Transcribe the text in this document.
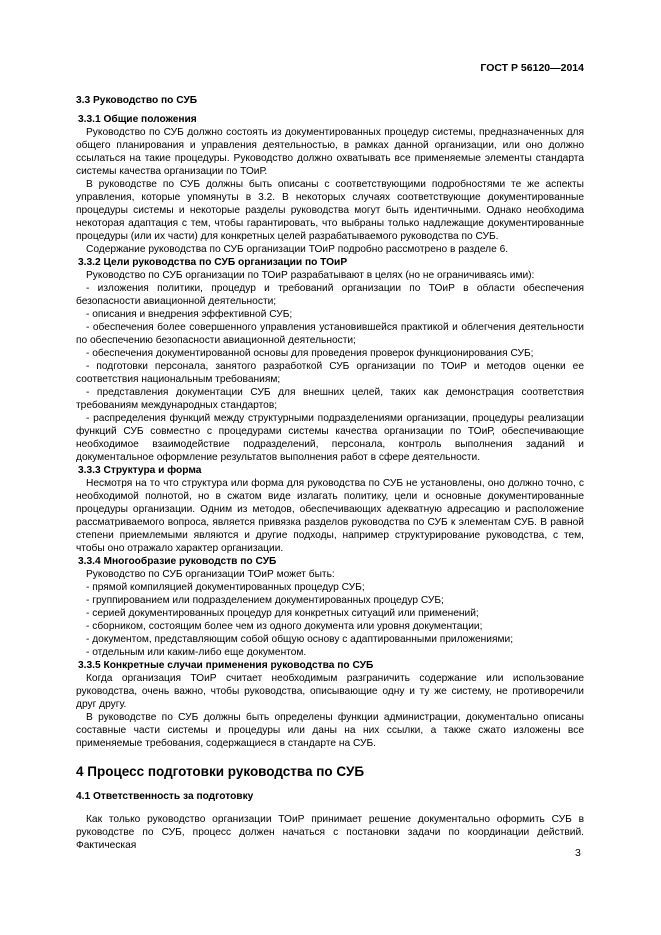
ГОСТ Р 56120—2014

3.3 Руководство по СУБ

3.3.1 Общие положения

Руководство по СУБ должно состоять из документированных процедур системы, предназначенных для общего планирования и управления деятельностью, в рамках данной организации, или оно должно ссылаться на такие процедуры. Руководство должно охватывать все применяемые элементы стандарта системы качества организации по ТОиР.

В руководстве по СУБ должны быть описаны с соответствующими подробностями те же аспекты управления, которые упомянуты в 3.2. В некоторых случаях соответствующие документированные процедуры системы и некоторые разделы руководства могут быть идентичными. Однако необходима некоторая адаптация с тем, чтобы гарантировать, что выбраны только надлежащие документированные процедуры (или их части) для конкретных целей разрабатываемого руководства по СУБ.

Содержание руководства по СУБ организации ТОиР подробно рассмотрено в разделе 6.

3.3.2 Цели руководства по СУБ организации по ТОиР

Руководство по СУБ организации по ТОиР разрабатывают в целях (но не ограничиваясь ими):

- изложения политики, процедур и требований организации по ТОиР в области обеспечения безопасности авиационной деятельности;

- описания и внедрения эффективной СУБ;

- обеспечения более совершенного управления установившейся практикой и облегчения деятельности по обеспечению безопасности авиационной деятельности;

- обеспечения документированной основы для проведения проверок функционирования СУБ;

- подготовки персонала, занятого разработкой СУБ организации по ТОиР и методов оценки ее соответствия национальным требованиям;

- представления документации СУБ для внешних целей, таких как демонстрация соответствия требованиям международных стандартов;

- распределения функций между структурными подразделениями организации, процедуры реализации функций СУБ совместно с процедурами системы качества организации по ТОиР, обеспечивающие необходимое взаимодействие подразделений, персонала, контроль выполнения заданий и документальное оформление результатов выполнения работ в сфере деятельности.

3.3.3 Структура и форма

Несмотря на то что структура или форма для руководства по СУБ не установлены, оно должно точно, с необходимой полнотой, но в сжатом виде излагать политику, цели и основные документированные процедуры организации. Одним из методов, обеспечивающих адекватную адресацию и расположение рассматриваемого вопроса, является привязка разделов руководства по СУБ к элементам СУБ. В равной степени приемлемыми являются и другие подходы, например структурирование руководства, с тем, чтобы оно отражало характер организации.

3.3.4 Многообразие руководств по СУБ

Руководство по СУБ организации ТОиР может быть:

- прямой компиляцией документированных процедур СУБ;

- группированием или подразделением документированных процедур СУБ;

- серией документированных процедур для конкретных ситуаций или применений;

- сборником, состоящим более чем из одного документа или уровня документации;

- документом, представляющим собой общую основу с адаптированными приложениями;

- отдельным или каким-либо еще документом.

3.3.5 Конкретные случаи применения руководства по СУБ

Когда организация ТОиР считает необходимым разграничить содержание или использование руководства, очень важно, чтобы руководства, описывающие одну и ту же систему, не противоречили друг другу.

В руководстве по СУБ должны быть определены функции администрации, документально описаны составные части системы и процедуры или даны на них ссылки, а также сжато изложены все применяемые требования, содержащиеся в стандарте на СУБ.

4 Процесс подготовки руководства по СУБ

4.1 Ответственность за подготовку

Как только руководство организации ТОиР принимает решение документально оформить СУБ в руководстве по СУБ, процесс должен начаться с постановки задачи по координации действий. Фактическая

3
